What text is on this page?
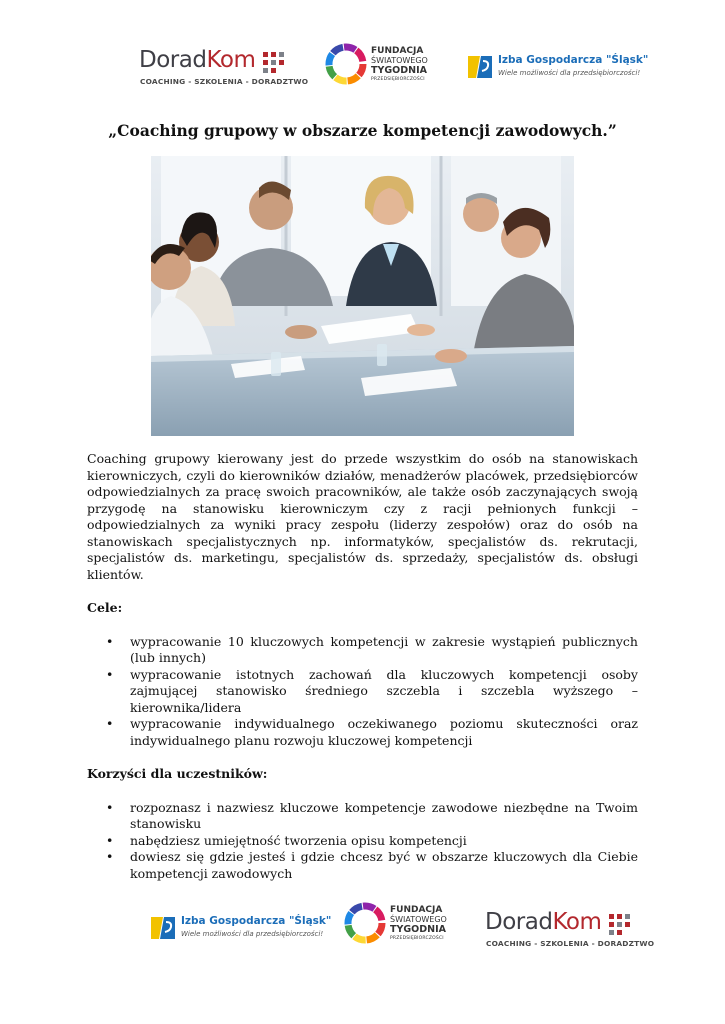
DoradKom
COACHING - SZKOLENIA - DORADZTWO
FUNDACJA
ŚWIATOWEGO
TYGODNIA
PRZEDSIĘBIORCZOŚCI
Izba Gospodarcza "Śląsk"
Wiele możliwości dla przedsiębiorczości!
„Coaching grupowy w obszarze kompetencji zawodowych.”

Coaching grupowy kierowany jest do przede wszystkim do osób na stanowiskach kierowniczych, czyli do kierowników działów, menadżerów placówek, przedsiębiorców odpowiedzialnych za pracę swoich pracowników, ale także osób zaczynających swoją przygodę na stanowisku kierowniczym czy z racji pełnionych funkcji – odpowiedzialnych za wyniki pracy zespołu (liderzy zespołów) oraz do osób na stanowiskach specjalistycznych np. informatyków, specjalistów ds. rekrutacji, specjalistów ds. marketingu, specjalistów ds. sprzedaży, specjalistów ds. obsługi klientów.

Cele:

• wypracowanie 10 kluczowych kompetencji w zakresie wystąpień publicznych (lub innych)
• wypracowanie istotnych zachowań dla kluczowych kompetencji osoby zajmującej stanowisko średniego szczebla i szczebla wyższego – kierownika/lidera
• wypracowanie indywidualnego oczekiwanego poziomu skuteczności oraz indywidualnego planu rozwoju kluczowej kompetencji

Korzyści dla uczestników:

• rozpoznasz i nazwiesz kluczowe kompetencje zawodowe niezbędne na Twoim stanowisku
• nabędziesz umiejętność tworzenia opisu kompetencji
• dowiesz się gdzie jesteś i gdzie chcesz być w obszarze kluczowych dla Ciebie kompetencji zawodowych
Izba Gospodarcza "Śląsk"
Wiele możliwości dla przedsiębiorczości!
FUNDACJA
ŚWIATOWEGO
TYGODNIA
PRZEDSIĘBIORCZOŚCI
DoradKom
COACHING - SZKOLENIA - DORADZTWO
